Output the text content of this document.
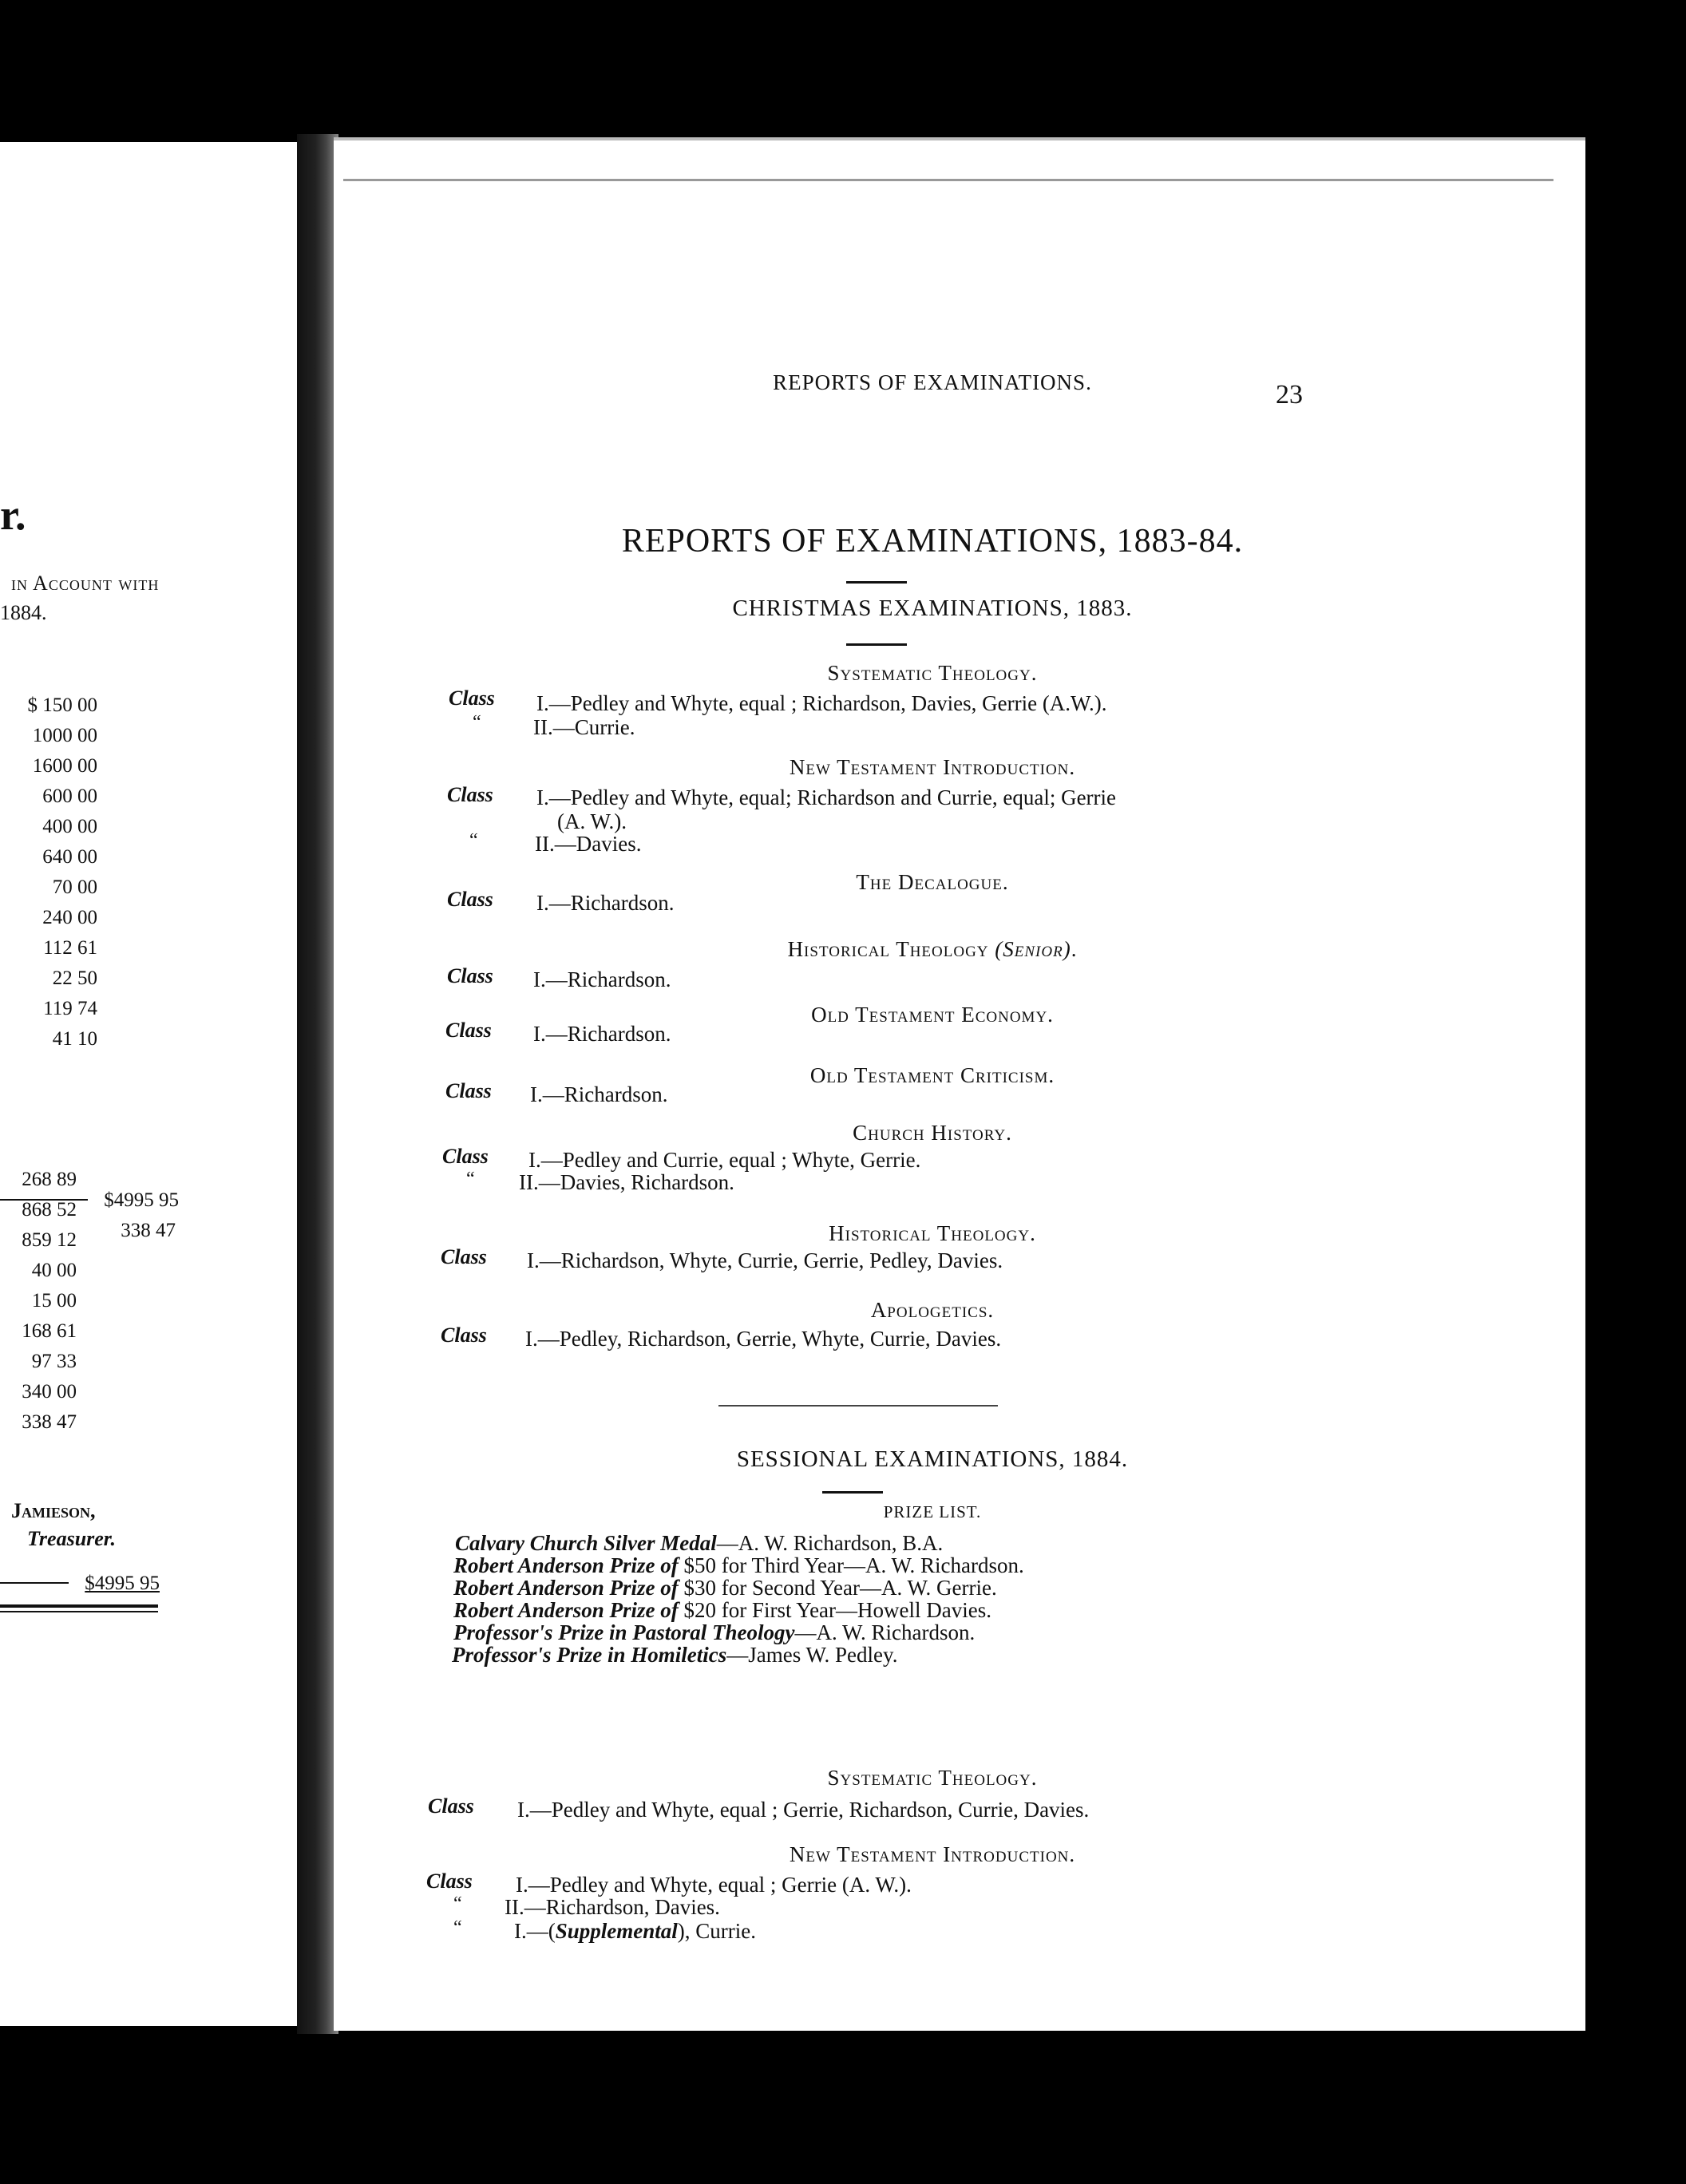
r.
in Account with
1884.
$ 150 00
1000 00
1600 00
600 00
400 00
640 00
70 00
240 00
112 61
22 50
119 74
41 10
$4995 95
338 47
268 89
868 52
859 12
40 00
15 00
168 61
97 33
340 00
338 47
$4995 95
Jamieson,
Treasurer.
REPORTS OF EXAMINATIONS.	23
REPORTS OF EXAMINATIONS, 1883-84.
CHRISTMAS EXAMINATIONS, 1883.
Systematic Theology.
Class I.—Pedley and Whyte, equal ; Richardson, Davies, Gerrie (A.W.).
“ II.—Currie.
New Testament Introduction.
Class I.—Pedley and Whyte, equal; Richardson and Currie, equal; Gerrie
(A. W.).
“	II.—Davies.
The Decalogue.
Class I.—Richardson.
Historical Theology (Senior).
Class I.—Richardson.
Old Testament Economy.
Class I.—Richardson.
Old Testament Criticism.
Class I.—Richardson.
Church History.
Class I.—Pedley and Currie, equal ; Whyte, Gerrie.
“ II.—Davies, Richardson.
Historical Theology.
Class I.—Richardson, Whyte, Currie, Gerrie, Pedley, Davies.
Apologetics.
Class I.—Pedley, Richardson, Gerrie, Whyte, Currie, Davies.
SESSIONAL EXAMINATIONS, 1884.
PRIZE LIST.
Calvary Church Silver Medal—A. W. Richardson, B.A.
Robert Anderson Prize of $50 for Third Year—A. W. Richardson.
Robert Anderson Prize of $30 for Second Year—A. W. Gerrie.
Robert Anderson Prize of $20 for First Year—Howell Davies.
Professor's Prize in Pastoral Theology—A. W. Richardson.
Professor's Prize in Homiletics—James W. Pedley.
Systematic Theology.
Class I.—Pedley and Whyte, equal ; Gerrie, Richardson, Currie, Davies.
New Testament Introduction.
Class I.—Pedley and Whyte, equal ; Gerrie (A. W.).
“ II.—Richardson, Davies.
“ I.—(Supplemental), Currie.
